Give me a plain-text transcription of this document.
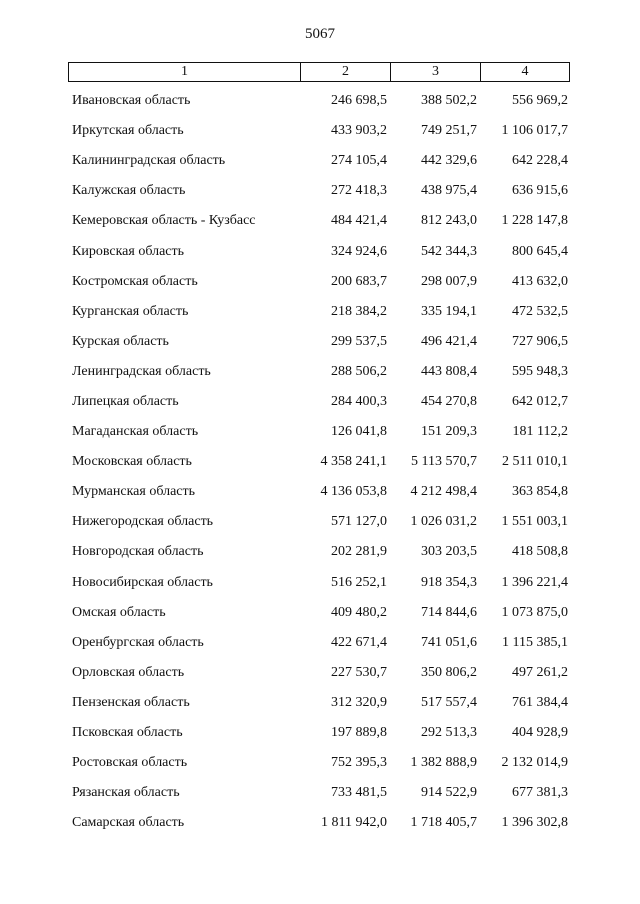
5067
1	2	3	4
Ивановская область	246 698,5	388 502,2	556 969,2
Иркутская область	433 903,2	749 251,7	1 106 017,7
Калининградская область	274 105,4	442 329,6	642 228,4
Калужская область	272 418,3	438 975,4	636 915,6
Кемеровская область - Кузбасс	484 421,4	812 243,0	1 228 147,8
Кировская область	324 924,6	542 344,3	800 645,4
Костромская область	200 683,7	298 007,9	413 632,0
Курганская область	218 384,2	335 194,1	472 532,5
Курская область	299 537,5	496 421,4	727 906,5
Ленинградская область	288 506,2	443 808,4	595 948,3
Липецкая область	284 400,3	454 270,8	642 012,7
Магаданская область	126 041,8	151 209,3	181 112,2
Московская область	4 358 241,1	5 113 570,7	2 511 010,1
Мурманская область	4 136 053,8	4 212 498,4	363 854,8
Нижегородская область	571 127,0	1 026 031,2	1 551 003,1
Новгородская область	202 281,9	303 203,5	418 508,8
Новосибирская область	516 252,1	918 354,3	1 396 221,4
Омская область	409 480,2	714 844,6	1 073 875,0
Оренбургская область	422 671,4	741 051,6	1 115 385,1
Орловская область	227 530,7	350 806,2	497 261,2
Пензенская область	312 320,9	517 557,4	761 384,4
Псковская область	197 889,8	292 513,3	404 928,9
Ростовская область	752 395,3	1 382 888,9	2 132 014,9
Рязанская область	733 481,5	914 522,9	677 381,3
Самарская область	1 811 942,0	1 718 405,7	1 396 302,8
